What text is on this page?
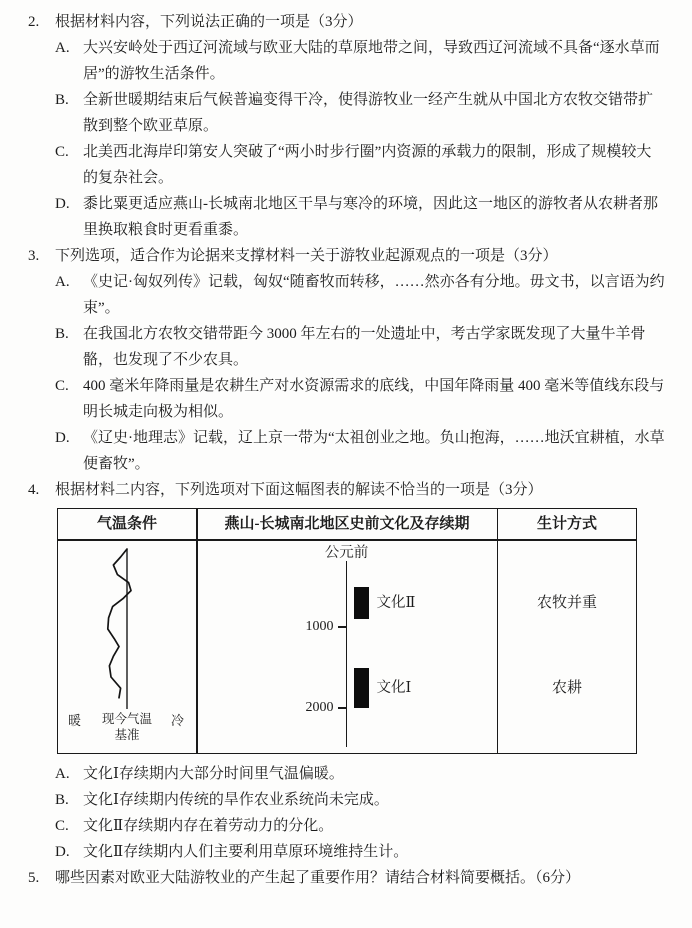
2.	根据材料内容，下列说法正确的一项是（3分）
A. 大兴安岭处于西辽河流域与欧亚大陆的草原地带之间，导致西辽河流域不具备“逐水草而居”的游牧生活条件。
B. 全新世暖期结束后气候普遍变得干冷，使得游牧业一经产生就从中国北方农牧交错带扩散到整个欧亚草原。
C. 北美西北海岸印第安人突破了“两小时步行圈”内资源的承载力的限制，形成了规模较大的复杂社会。
D. 黍比粟更适应燕山-长城南北地区干旱与寒冷的环境，因此这一地区的游牧者从农耕者那里换取粮食时更看重黍。
3.	下列选项，适合作为论据来支撑材料一关于游牧业起源观点的一项是（3分）
A. 《史记·匈奴列传》记载，匈奴“随畜牧而转移，……然亦各有分地。毋文书，以言语为约束”。
B. 在我国北方农牧交错带距今 3000 年左右的一处遗址中，考古学家既发现了大量牛羊骨骼，也发现了不少农具。
C. 400 毫米年降雨量是农耕生产对水资源需求的底线，中国年降雨量 400 毫米等值线东段与明长城走向极为相似。
D. 《辽史·地理志》记载，辽上京一带为“太祖创业之地。负山抱海，……地沃宜耕植，水草便畜牧”。
4.	根据材料二内容，下列选项对下面这幅图表的解读不恰当的一项是（3分）
气温条件	燕山-长城南北地区史前文化及存续期	生计方式
暖	现今气温
基准
冷
公元前
1000
2000
文化Ⅱ
文化Ⅰ
农牧并重
农耕
A. 文化Ⅰ存续期内大部分时间里气温偏暖。
B. 文化Ⅰ存续期内传统的旱作农业系统尚未完成。
C. 文化Ⅱ存续期内存在着劳动力的分化。
D. 文化Ⅱ存续期内人们主要利用草原环境维持生计。
5.	哪些因素对欧亚大陆游牧业的产生起了重要作用？请结合材料简要概括。（6分）
